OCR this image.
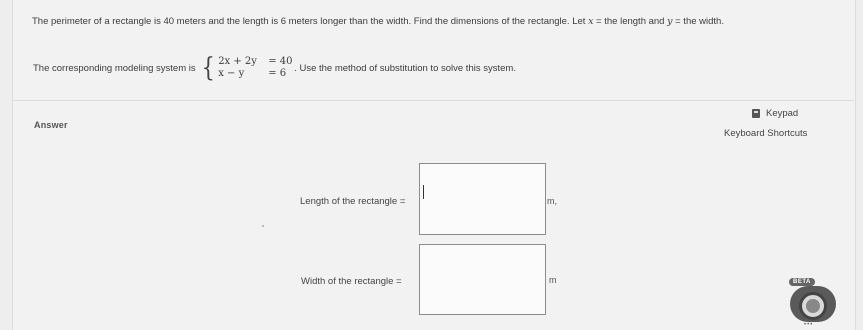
The perimeter of a rectangle is 40 meters and the length is 6 meters longer than the width. Find the dimensions of the rectangle. Let x = the length and y = the width.
The corresponding modeling system is { 2x + 2y	= 40
x − y	= 6 . Use the method of substitution to solve this system.
Answer
Keypad
Keyboard Shortcuts
Length of the rectangle =	m,
Width of the rectangle =	m	BETA
•••
